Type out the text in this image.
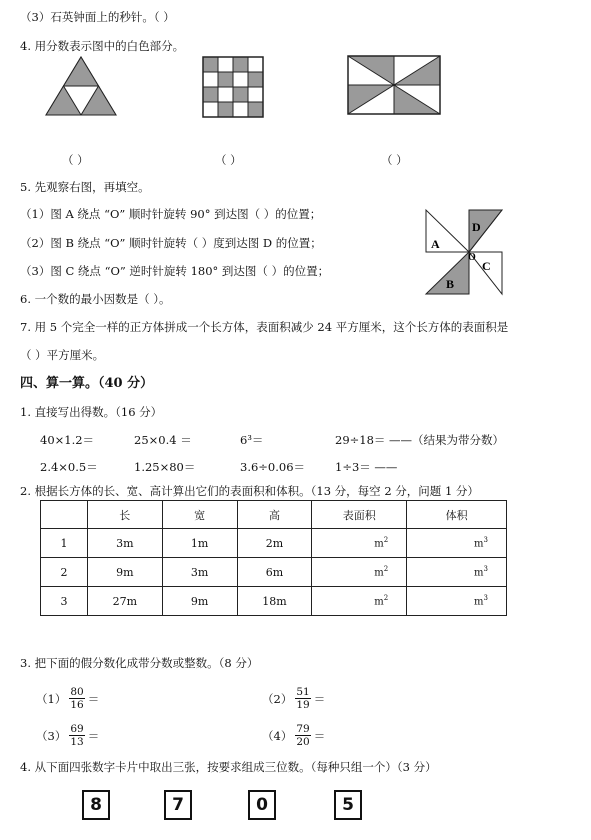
（3）石英钟面上的秒针。（ ）
4. 用分数表示图中的白色部分。
（ ）	（ ）	（ ）
5. 先观察右图，再填空。
（1）图 A 绕点 “O” 顺时针旋转 90° 到达图（ ）的位置；
（2）图 B 绕点 “O” 顺时针旋转（ ）度到达图 D 的位置；
（3）图 C 绕点 “O” 逆时针旋转 180° 到达图（ ）的位置；
A
B
C
D
O
6. 一个数的最小因数是（ ）。
7. 用 5 个完全一样的正方体拼成一个长方体，表面积减少 24 平方厘米，这个长方体的表面积是
（ ）平方厘米。
四、算一算。（40 分）
1. 直接写出得数。（16 分）
40×1.2＝	25×0.4 ＝	6³＝	29÷18＝ ——（结果为带分数）
2.4×0.5＝	1.25×80＝	3.6÷0.06＝	1÷3＝ ——
2. 根据长方体的长、宽、高计算出它们的表面积和体积。（13 分，每空 2 分，问题 1 分）
	长	宽	高	表面积	体积
1	3m	1m	2m	$m^2$	$m^3$

2	9m	3m	6m	$m^2$	$m^3$

3	27m	9m	18m	$m^2$	$m^3$
3. 把下面的假分数化成带分数或整数。（8 分）
$(1) \frac{80}{16}$ ＝	$(2) \frac{51}{19}$ ＝
$(3) \frac{69}{13}$ ＝	$(4) \frac{79}{20}$ ＝
4. 从下面四张数字卡片中取出三张，按要求组成三位数。（每种只组一个）（3 分）
8	7	0	5
